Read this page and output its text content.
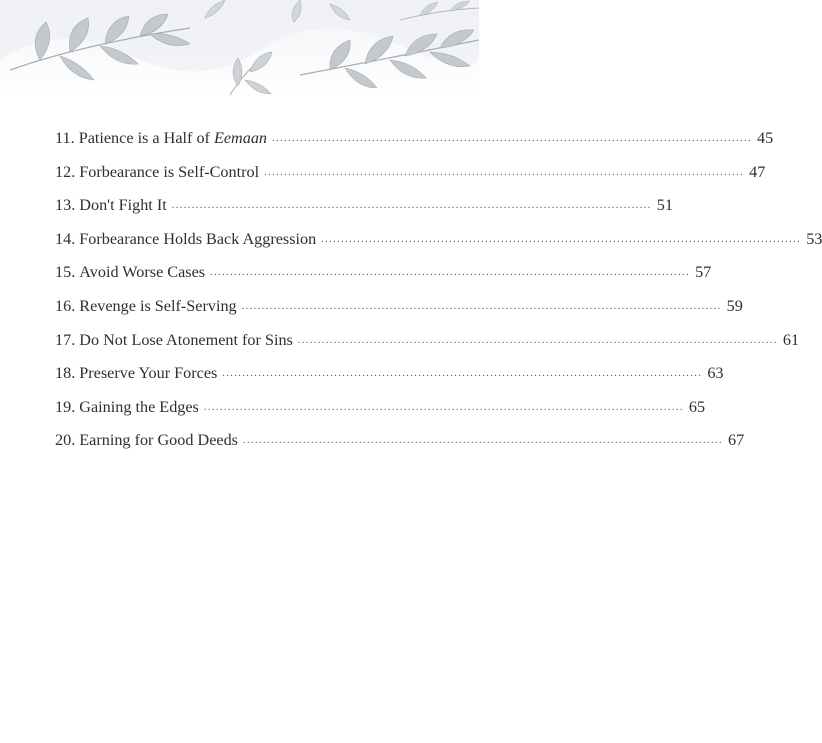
11.
Patience is a Half of Eemaan ........................................................................................................................ 45
12.
Forbearance is Self-Control ........................................................................................................................ 47
13.
Don't Fight It ........................................................................................................................ 51
14.
Forbearance Holds Back Aggression ........................................................................................................................ 53
15.
Avoid Worse Cases ........................................................................................................................ 57
16.
Revenge is Self-Serving ........................................................................................................................ 59
17.
Do Not Lose Atonement for Sins ........................................................................................................................ 61
18.
Preserve Your Forces ........................................................................................................................ 63
19.
Gaining the Edges ........................................................................................................................ 65
20.
Earning for Good Deeds ........................................................................................................................ 67
